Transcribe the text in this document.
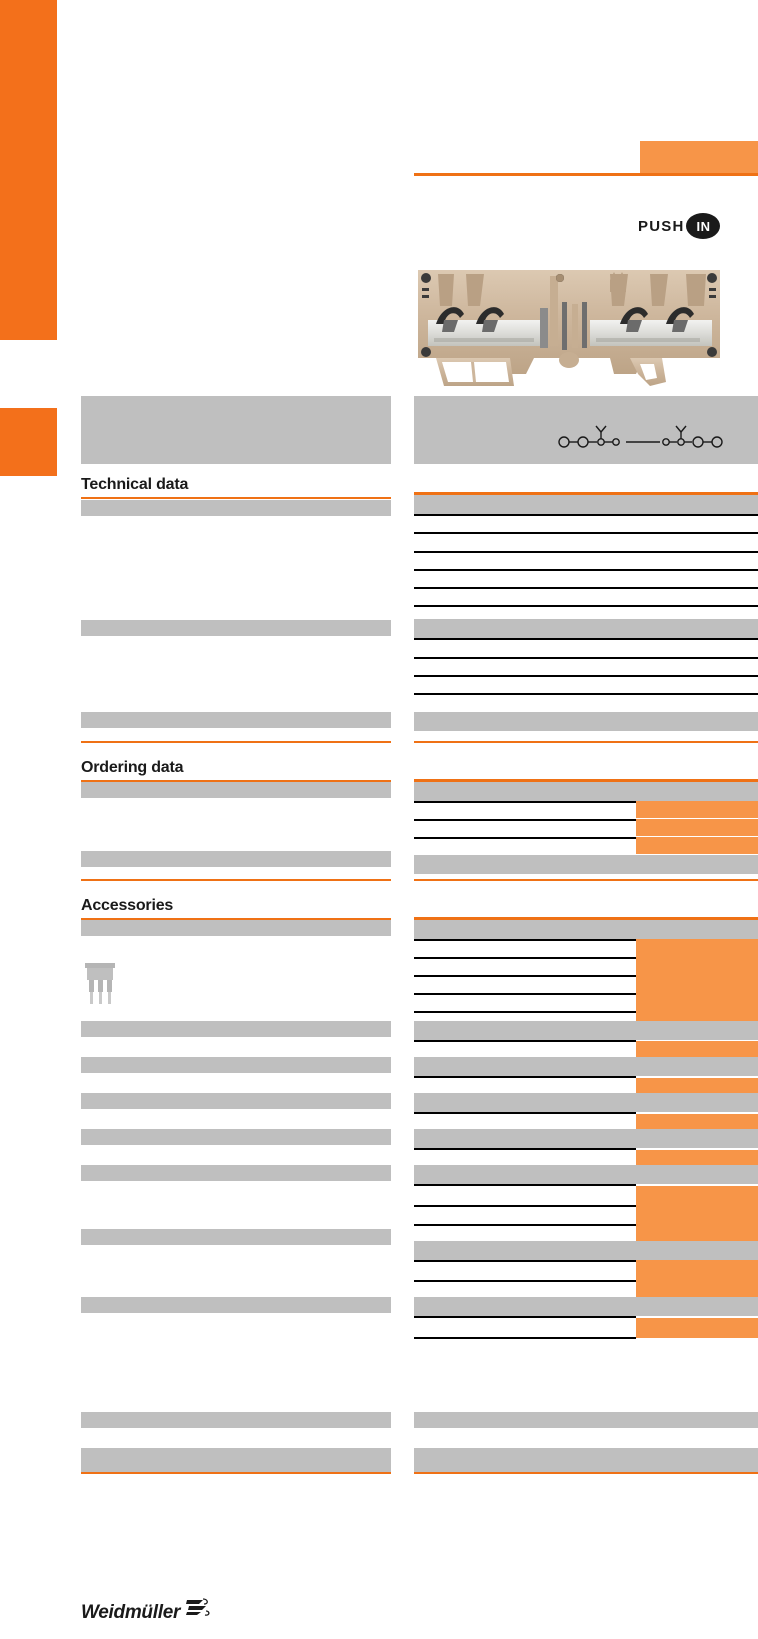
PUSH IN
Technical data
Ordering data
Accessories
Weidmüller
